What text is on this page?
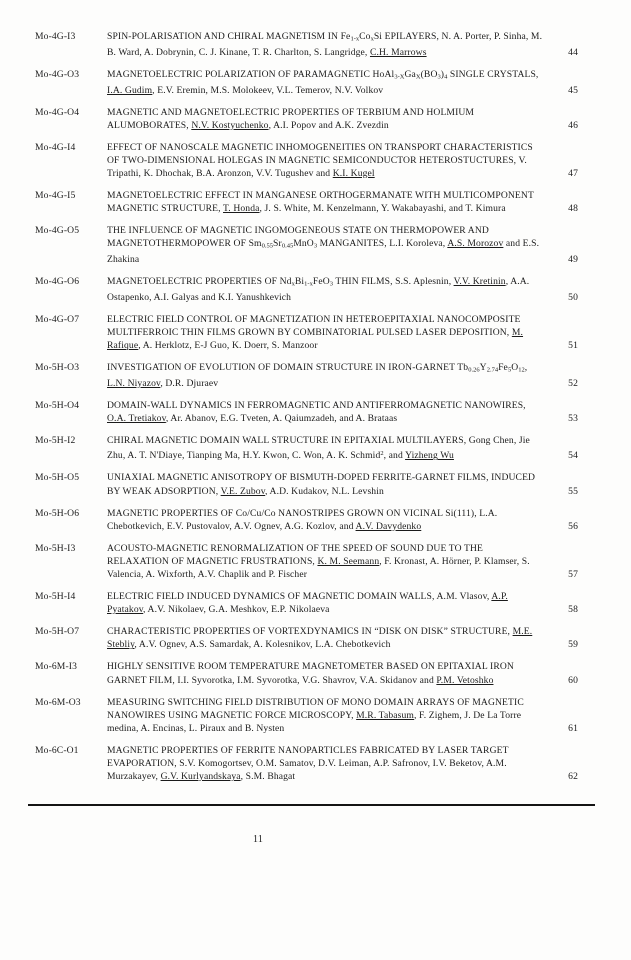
Mo-4G-I3	SPIN-POLARISATION AND CHIRAL MAGNETISM IN $Fe_{1-x}Co_xSi$ EPILAYERS, N. A. Porter, P. Sinha, M. B. Ward, A. Dobrynin, C. J. Kinane, T. R. Charlton, S. Langridge, C.H. Marrows	44
Mo-4G-O3	MAGNETOELECTRIC POLARIZATION OF PARAMAGNETIC $HoAl_{3-X}Ga_X(BO_3)_4$ SINGLE CRYSTALS, I.A. Gudim, E.V. Eremin, M.S. Molokeev, V.L. Temerov, N.V. Volkov	45
Mo-4G-O4	MAGNETIC AND MAGNETOELECTRIC PROPERTIES OF TERBIUM AND HOLMIUM ALUMOBORATES, N.V. Kostyuchenko, A.I. Popov and A.K. Zvezdin	46
Mo-4G-I4	EFFECT OF NANOSCALE MAGNETIC INHOMOGENEITIES ON TRANSPORT CHARACTERISTICS OF TWO-DIMENSIONAL HOLEGAS IN MAGNETIC SEMICONDUCTOR HETEROSTUCTURES, V. Tripathi, K. Dhochak, B.A. Aronzon, V.V. Tugushev and K.I. Kugel	47
Mo-4G-I5	MAGNETOELECTRIC EFFECT IN MANGANESE ORTHOGERMANATE WITH MULTICOMPONENT MAGNETIC STRUCTURE, T. Honda, J. S. White, M. Kenzelmann, Y. Wakabayashi, and T. Kimura	48
Mo-4G-O5	THE INFLUENCE OF MAGNETIC INGOMOGENEOUS STATE ON THERMOPOWER AND MAGNETOTHERMOPOWER OF $Sm_{0.55}Sr_{0.45}MnO_3$ MANGANITES, L.I. Koroleva, A.S. Morozov and E.S. Zhakina	49
Mo-4G-O6	MAGNETOELECTRIC PROPERTIES OF $Nd_xBi_{1-x}FeO_3$ THIN FILMS, S.S. Aplesnin, V.V. Kretinin, A.A. Ostapenko, A.I. Galyas and K.I. Yanushkevich	50
Mo-4G-O7	ELECTRIC FIELD CONTROL OF MAGNETIZATION IN HETEROEPITAXIAL NANOCOMPOSITE MULTIFERROIC THIN FILMS GROWN BY COMBINATORIAL PULSED LASER DEPOSITION, M. Rafique, A. Herklotz, E-J Guo, K. Doerr, S. Manzoor	51
Mo-5H-O3	INVESTIGATION OF EVOLUTION OF DOMAIN STRUCTURE IN IRON-GARNET $Tb_{0.26}Y_{2.74}Fe_5O_{12}$, L.N. Niyazov, D.R. Djuraev	52
Mo-5H-O4	DOMAIN-WALL DYNAMICS IN FERROMAGNETIC AND ANTIFERROMAGNETIC NANOWIRES, O.A. Tretiakov, Ar. Abanov, E.G. Tveten, A. Qaiumzadeh, and A. Brataas	53
Mo-5H-I2	CHIRAL MAGNETIC DOMAIN WALL STRUCTURE IN EPITAXIAL MULTILAYERS, Gong Chen, Jie Zhu, A. T. N'Diaye, Tianping Ma, H.Y. Kwon, C. Won, A. K. Schmid$^2$, and Yizheng Wu	54
Mo-5H-O5	UNIAXIAL MAGNETIC ANISOTROPY OF BISMUTH-DOPED FERRITE-GARNET FILMS, INDUCED BY WEAK ADSORPTION, V.E. Zubov, A.D. Kudakov, N.L. Levshin	55
Mo-5H-O6	MAGNETIC PROPERTIES OF Co/Cu/Co NANOSTRIPES GROWN ON VICINAL Si(111), L.A. Chebotkevich, E.V. Pustovalov, A.V. Ognev, A.G. Kozlov, and A.V. Davydenko	56
Mo-5H-I3	ACOUSTO-MAGNETIC RENORMALIZATION OF THE SPEED OF SOUND DUE TO THE RELAXATION OF MAGNETIC FRUSTRATIONS, K. M. Seemann, F. Kronast, A. Hörner, P. Klamser, S. Valencia, A. Wixforth, A.V. Chaplik and P. Fischer	57
Mo-5H-I4	ELECTRIC FIELD INDUCED DYNAMICS OF MAGNETIC DOMAIN WALLS, A.M. Vlasov, A.P. Pyatakov, A.V. Nikolaev, G.A. Meshkov, E.P. Nikolaeva	58
Mo-5H-O7	CHARACTERISTIC PROPERTIES OF VORTEXDYNAMICS IN “DISK ON DISK” STRUCTURE, M.E. Stebliy, A.V. Ognev, A.S. Samardak, A. Kolesnikov, L.A. Chebotkevich	59
Mo-6M-I3	HIGHLY SENSITIVE ROOM TEMPERATURE MAGNETOMETER BASED ON EPITAXIAL IRON GARNET FILM, I.I. Syvorotka, I.M. Syvorotka, V.G. Shavrov, V.A. Skidanov and P.M. Vetoshko	60
Mo-6M-O3	MEASURING SWITCHING FIELD DISTRIBUTION OF MONO DOMAIN ARRAYS OF MAGNETIC NANOWIRES USING MAGNETIC FORCE MICROSCOPY, M.R. Tabasum, F. Zighem, J. De La Torre medina, A. Encinas, L. Piraux and B. Nysten	61
Mo-6C-O1	MAGNETIC PROPERTIES OF FERRITE NANOPARTICLES FABRICATED BY LASER TARGET EVAPORATION, S.V. Komogortsev, O.M. Samatov, D.V. Leiman, A.P. Safronov, I.V. Beketov, A.M. Murzakayev, G.V. Kurlyandskaya, S.M. Bhagat	62
11
